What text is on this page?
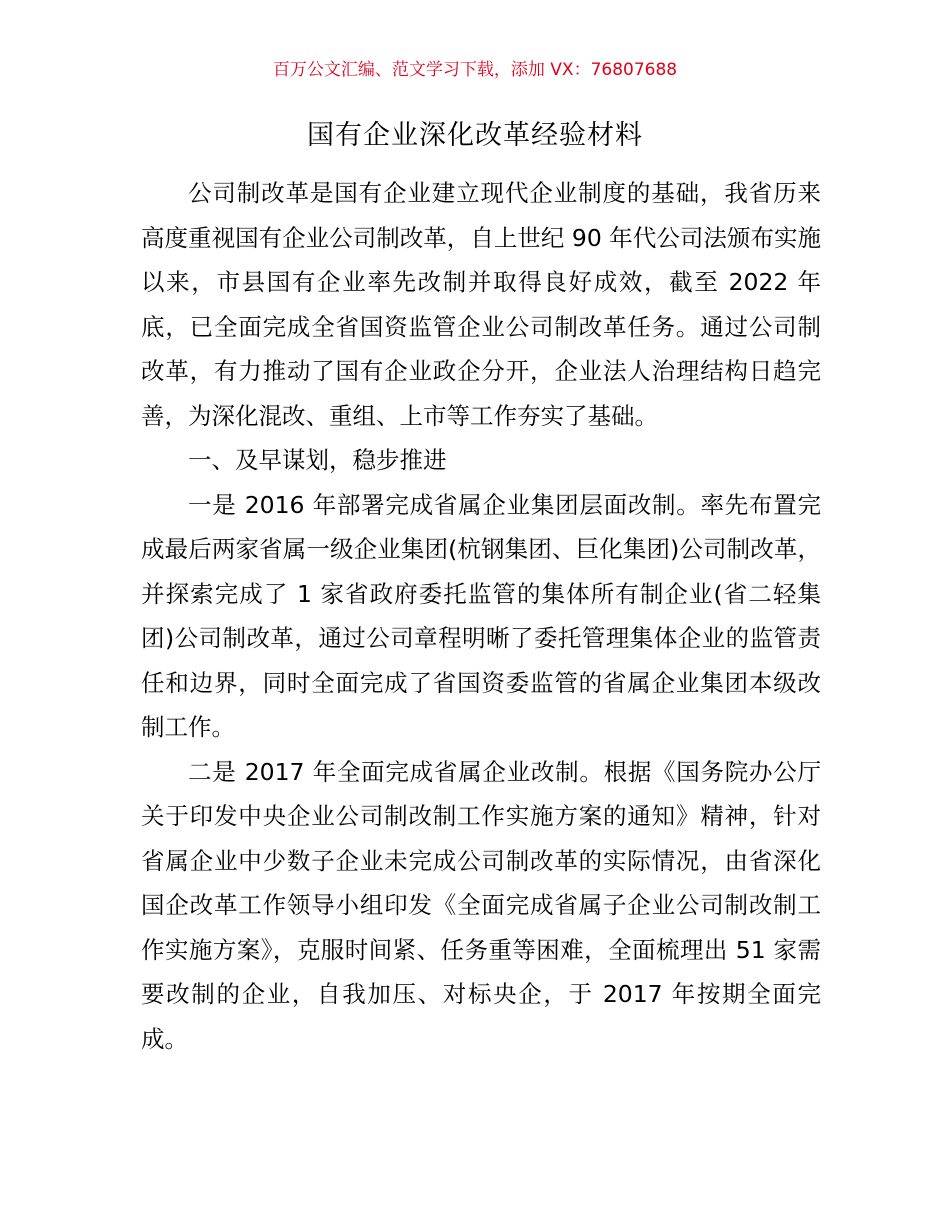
百万公文汇编、范文学习下载，添加 VX：76807688
国有企业深化改革经验材料

公司制改革是国有企业建立现代企业制度的基础，我省历来高度重视国有企业公司制改革，自上世纪 90 年代公司法颁布实施以来，市县国有企业率先改制并取得良好成效，截至 2022 年底，已全面完成全省国资监管企业公司制改革任务。通过公司制改革，有力推动了国有企业政企分开，企业法人治理结构日趋完善，为深化混改、重组、上市等工作夯实了基础。

一、及早谋划，稳步推进

一是 2016 年部署完成省属企业集团层面改制。率先布置完成最后两家省属一级企业集团(杭钢集团、巨化集团)公司制改革，并探索完成了 1 家省政府委托监管的集体所有制企业(省二轻集团)公司制改革，通过公司章程明晰了委托管理集体企业的监管责任和边界，同时全面完成了省国资委监管的省属企业集团本级改制工作。

二是 2017 年全面完成省属企业改制。根据《国务院办公厅关于印发中央企业公司制改制工作实施方案的通知》精神，针对省属企业中少数子企业未完成公司制改革的实际情况，由省深化国企改革工作领导小组印发《全面完成省属子企业公司制改制工作实施方案》，克服时间紧、任务重等困难，全面梳理出 51 家需要改制的企业，自我加压、对标央企，于 2017 年按期全面完成。
